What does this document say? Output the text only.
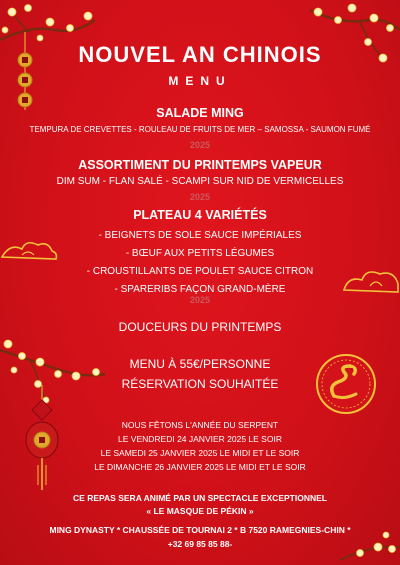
NOUVEL AN CHINOIS
MENU
SALADE MING
TEMPURA DE CREVETTES - ROULEAU DE FRUITS DE MER – SAMOSSA - SAUMON FUMÉ
2025
ASSORTIMENT DU PRINTEMPS VAPEUR
DIM SUM - FLAN SALÉ - SCAMPI SUR NID DE VERMICELLES
2025
PLATEAU 4 VARIÉTÉS
- BEIGNETS DE SOLE SAUCE IMPÉRIALES
- BŒUF AUX PETITS LÉGUMES
- CROUSTILLANTS DE POULET SAUCE CITRON
- SPARERIBS FAÇON GRAND-MÈRE
2025
DOUCEURS DU PRINTEMPS
MENU À 55€/PERSONNE
RÉSERVATION SOUHAITÉE
NOUS FÊTONS L'ANNÉE DU SERPENT
LE VENDREDI 24 JANVIER 2025 LE SOIR
LE SAMEDI 25 JANVIER 2025 LE MIDI ET LE SOIR
LE DIMANCHE 26 JANVIER 2025 LE MIDI ET LE SOIR
CE REPAS SERA ANIMÉ PAR UN SPECTACLE EXCEPTIONNEL
« LE MASQUE DE PÉKIN »
MING DYNASTY * CHAUSSÉE DE TOURNAI 2 * B 7520 RAMEGNIES-CHIN *
+32 69 85 85 88-
